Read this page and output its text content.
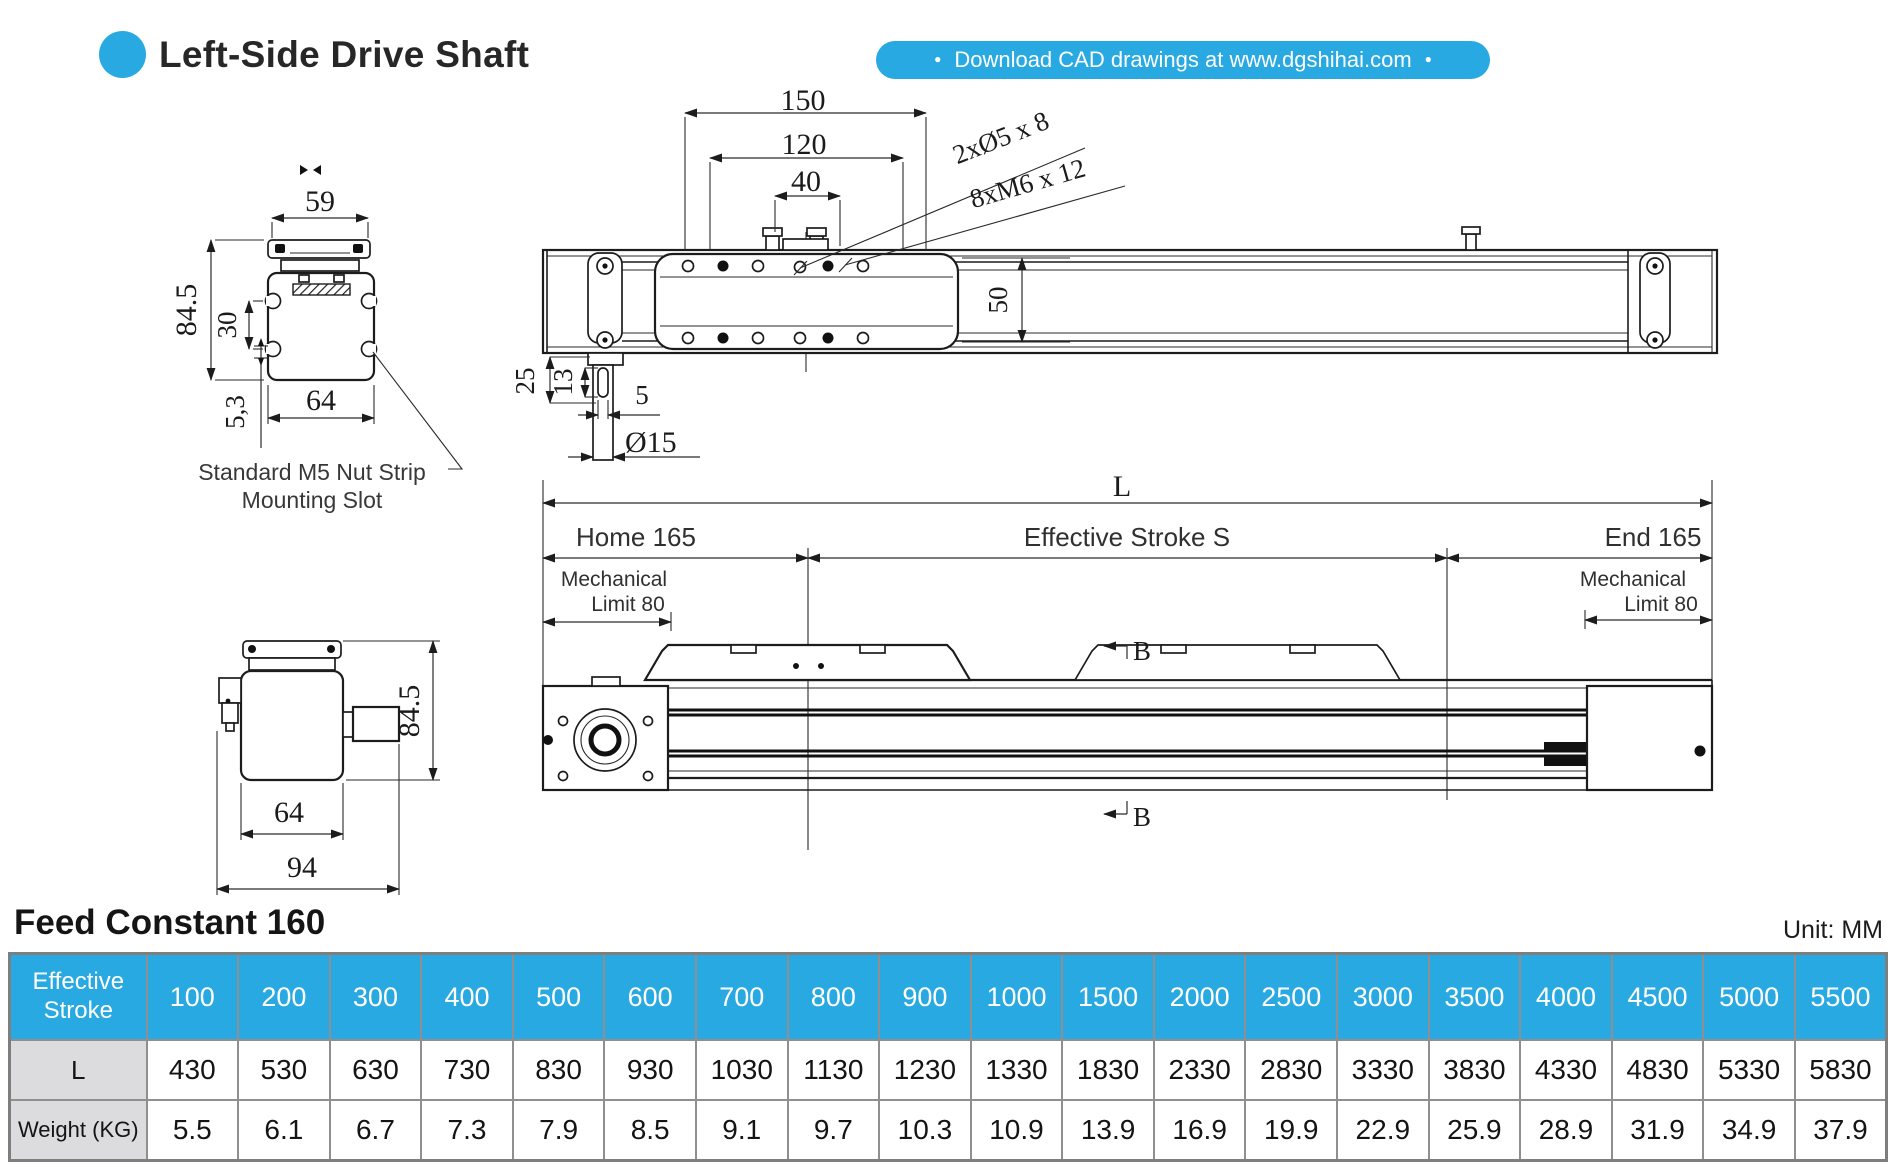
Left-Side Drive Shaft	● Download CAD drawings at www.dgshihai.com ●
59
84.5 30
5,3 64
Standard M5 Nut Strip
Mounting Slot
150
120
40
50
2xØ5 x 8
8xM6 x 12
25 13 5
Ø15
L
Home 165	Effective Stroke S	End 165
Mechanical
Limit 80
Mechanical
Limit 80
B
B
84.5
64
94
Feed Constant 160	Unit: MM
Effective
Stroke	100	200	300	400	500	600	700	800	900	1000	1500	2000	2500	3000	3500	4000	4500	5000	5500
L	430	530	630	730	830	930	1030	1130	1230	1330	1830	2330	2830	3330	3830	4330	4830	5330	5830
Weight (KG)	5.5	6.1	6.7	7.3	7.9	8.5	9.1	9.7	10.3	10.9	13.9	16.9	19.9	22.9	25.9	28.9	31.9	34.9	37.9
